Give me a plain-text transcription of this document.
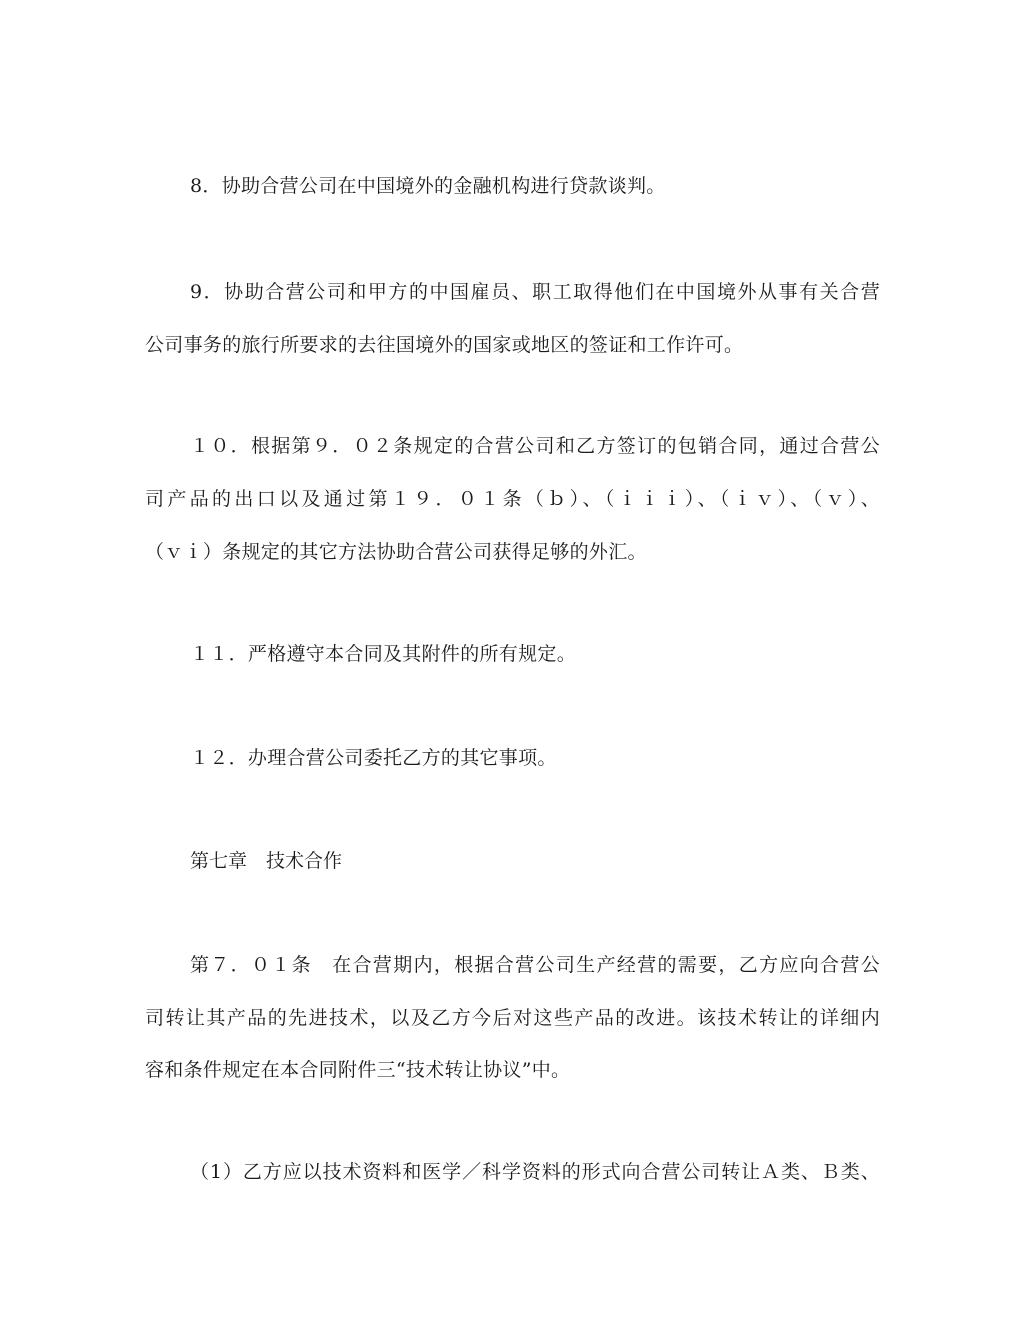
8．协助合营公司在中国境外的金融机构进行贷款谈判。
9．协助合营公司和甲方的中国雇员、职工取得他们在中国境外从事有关合营
公司事务的旅行所要求的去往国境外的国家或地区的签证和工作许可。
１０．根据第９．０２条规定的合营公司和乙方签订的包销合同，通过合营公
司产品的出口以及通过第１９．０１条（ｂ）、（ｉｉｉ）、（ｉｖ）、（ｖ）、
（ｖｉ）条规定的其它方法协助合营公司获得足够的外汇。
１１．严格遵守本合同及其附件的所有规定。
１２．办理合营公司委托乙方的其它事项。
第七章　技术合作
第７．０１条　在合营期内，根据合营公司生产经营的需要，乙方应向合营公
司转让其产品的先进技术，以及乙方今后对这些产品的改进。该技术转让的详细内
容和条件规定在本合同附件三“技术转让协议”中。
（1）乙方应以技术资料和医学／科学资料的形式向合营公司转让Ａ类、Ｂ类、
